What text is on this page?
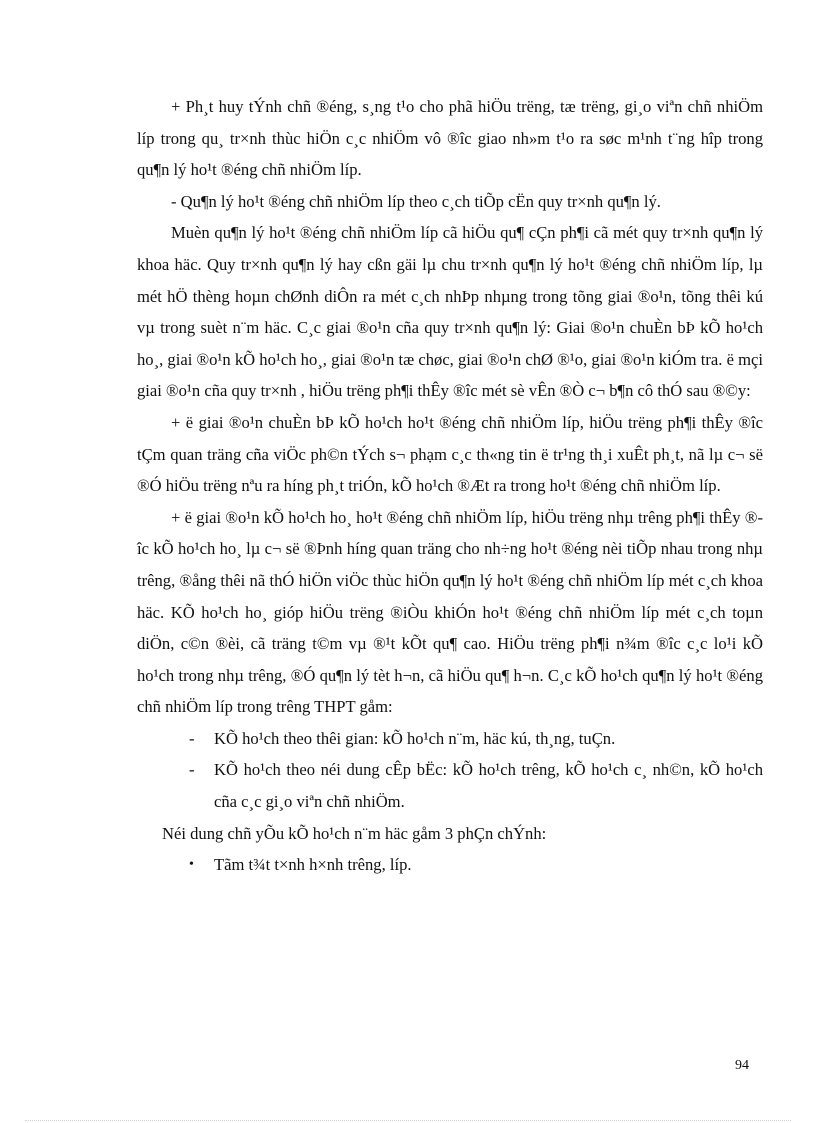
+ Ph¸t huy tÝnh chñ ®éng, s¸ng t¹o cho phã hiÖu trëng, tæ trëng, gi¸o viªn chñ nhiÖm líp trong qu¸ tr×nh thùc hiÖn c¸c nhiÖm vô ®îc giao nh»m t¹o ra søc m¹nh t¨ng hîp trong qu¶n lý ho¹t ®éng chñ nhiÖm líp.

- Qu¶n lý ho¹t ®éng chñ nhiÖm líp theo c¸ch tiÕp cËn quy tr×nh qu¶n lý.

Muèn qu¶n lý ho¹t ®éng chñ nhiÖm líp cã hiÖu qu¶ cÇn ph¶i cã mét quy tr×nh qu¶n lý khoa häc. Quy tr×nh qu¶n lý hay cßn gäi lµ chu tr×nh qu¶n lý ho¹t ®éng chñ nhiÖm líp, lµ mét hÖ thèng hoµn chØnh diÔn ra mét c¸ch nhÞp nhµng trong tõng giai ®o¹n, tõng thêi kú vµ trong suèt n¨m häc. C¸c giai ®o¹n cña quy tr×nh qu¶n lý: Giai ®o¹n chuÈn bÞ kÕ ho¹ch ho¸, giai ®o¹n kÕ ho¹ch ho¸, giai ®o¹n tæ chøc, giai ®o¹n chØ ®¹o, giai ®o¹n kiÓm tra. ë mçi giai ®o¹n cña quy tr×nh , hiÖu trëng ph¶i thÊy ®îc mét sè vÊn ®Ò c¬ b¶n cô thÓ sau ®©y:

+ ë giai ®o¹n chuÈn bÞ kÕ ho¹ch ho¹t ®éng chñ nhiÖm líp, hiÖu trëng ph¶i thÊy ®îc tÇm quan träng cña viÖc ph©n tÝch s¬ phạm c¸c th«ng tin ë tr¹ng th¸i xuÊt ph¸t, nã lµ c¬ së ®Ó hiÖu trëng nªu ra híng ph¸t triÓn, kÕ ho¹ch ®Æt ra trong ho¹t ®éng chñ nhiÖm líp.

+ ë giai ®o¹n kÕ ho¹ch ho¸ ho¹t ®éng chñ nhiÖm líp, hiÖu trëng nhµ trêng ph¶i thÊy ®îc kÕ ho¹ch ho¸ lµ c¬ së ®Þnh híng quan träng cho nh÷ng ho¹t ®éng nèi tiÕp nhau trong nhµ trêng, ®ång thêi nã thÓ hiÖn viÖc thùc hiÖn qu¶n lý ho¹t ®éng chñ nhiÖm líp mét c¸ch khoa häc. KÕ ho¹ch ho¸ gióp hiÖu trëng ®iÒu khiÓn ho¹t ®éng chñ nhiÖm líp mét c¸ch toµn diÖn, c©n ®èi, cã träng t©m vµ ®¹t kÕt qu¶ cao. HiÖu trëng ph¶i n¾m ®îc c¸c lo¹i kÕ ho¹ch trong nhµ trêng, ®Ó qu¶n lý tèt h¬n, cã hiÖu qu¶ h¬n. C¸c kÕ ho¹ch qu¶n lý ho¹t ®éng chñ nhiÖm líp trong trêng THPT gåm:

-	KÕ ho¹ch theo thêi gian: kÕ ho¹ch n¨m, häc kú, th¸ng, tuÇn.
-	KÕ ho¹ch theo néi dung cÊp bËc: kÕ ho¹ch trêng, kÕ ho¹ch c¸ nh©n, kÕ ho¹ch cña c¸c gi¸o viªn chñ nhiÖm.

Néi dung chñ yÕu kÕ ho¹ch n¨m häc gåm 3 phÇn chÝnh:

•	Tãm t¾t t×nh h×nh trêng, líp.
94
